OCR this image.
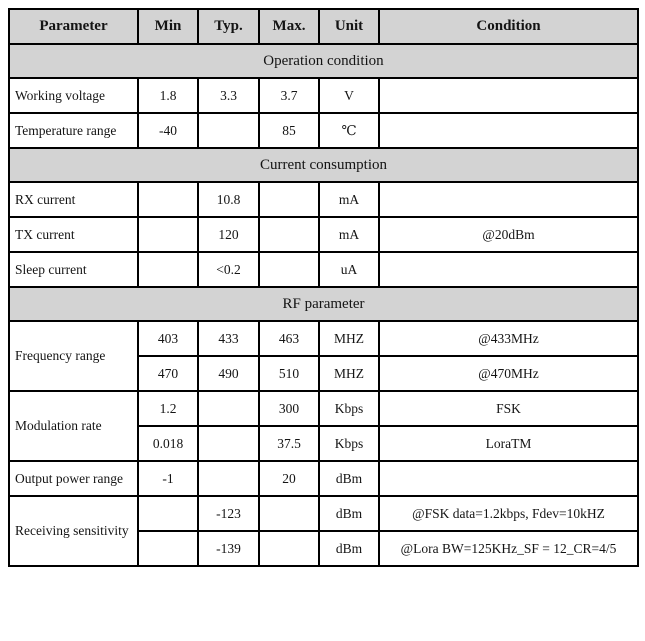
Parameter	Min	Typ.	Max.	Unit	Condition
Operation condition					
Working voltage	1.8	3.3	3.7	V	
Temperature range	-40		85	℃	
Current consumption					
RX current		10.8		mA	
TX current		120		mA	@20dBm
Sleep current		<0.2		uA	
RF parameter					
Frequency range	403	433	463	MHZ	@433MHz
	470	490	510	MHZ	@470MHz
Modulation rate	1.2		300	Kbps	FSK
	0.018		37.5	Kbps	LoraTM
Output power range	-1		20	dBm	
Receiving sensitivity		-123		dBm	@FSK data=1.2kbps, Fdev=10kHZ
		-139		dBm	@Lora BW=125KHz_SF = 12_CR=4/5
